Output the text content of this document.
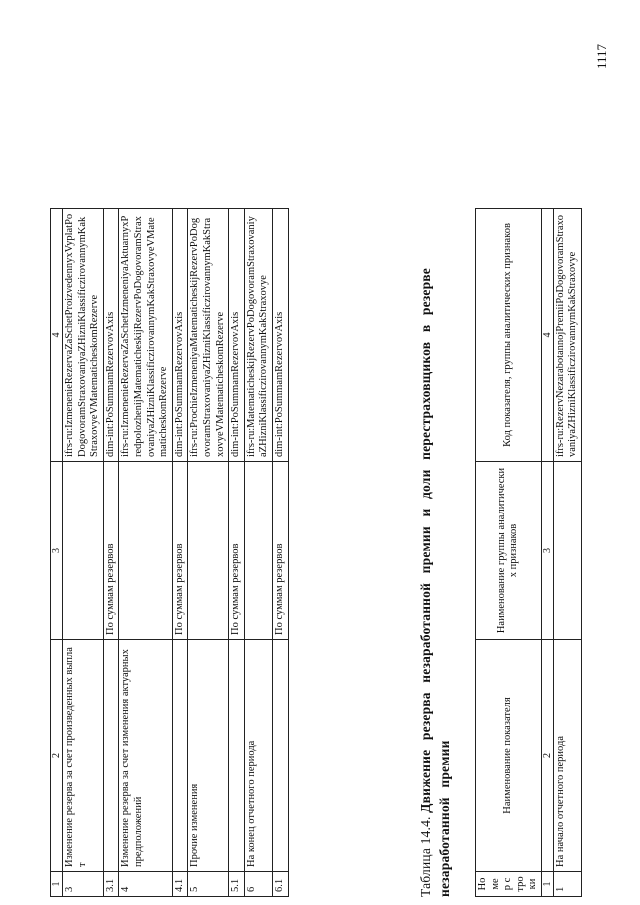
1	2	3	4
3	Изменение резерва за счет произведенных выплат		ifrs-ru:IzmenenieRezervaZaSchetProizvedennyxVyplatPoDogovoramStraxovaniyaZHizniKlassificzirovannymKakStraxovyeVMatematicheskomRezerve
3.1		По суммам резервов	dim-int:PoSummamRezervovAxis
4	Изменение резерва за счет изменения актуарных предположений		ifrs-ru:IzmenenieRezervaZaSchetIzmeneniyaAktuarnyxPredpolozhenijMatematicheskijRezervPoDogovoramStraxovaniyaZHizniKlassificzirovannymKakStraxovyeVMatematicheskomRezerve
4.1		По суммам резервов	dim-int:PoSummamRezervovAxis
5	Прочие изменения		ifrs-ru:ProchieIzmeneniyaMatematicheskijRezervPoDogovoramStraxovaniyaZHizniKlassificzirovannymKakStraxovyeVMatematicheskomRezerve
5.1		По суммам резервов	dim-int:PoSummamRezervovAxis
6	На конец отчетного периода		ifrs-ru:MatematicheskijRezervPoDogovoramStraxovaniyaZHizniKlassificzirovannymKakStraxovye
6.1		По суммам резервов	dim-int:PoSummamRezervovAxis
Таблица 14.4. Движение резерва незаработанной премии и доли перестраховщиков в резерве незаработанной премии Номер строки	Наименование показателя	Наименование группы аналитических признаков	Код показателя, группы аналитических признаков
1	2	3	4
1	На начало отчетного периода		ifrs-ru:RezervNezarabotannojPremiiPoDogovoramStraxovaniyaZHizniKlassificzirovannymKakStraxovye
1117
